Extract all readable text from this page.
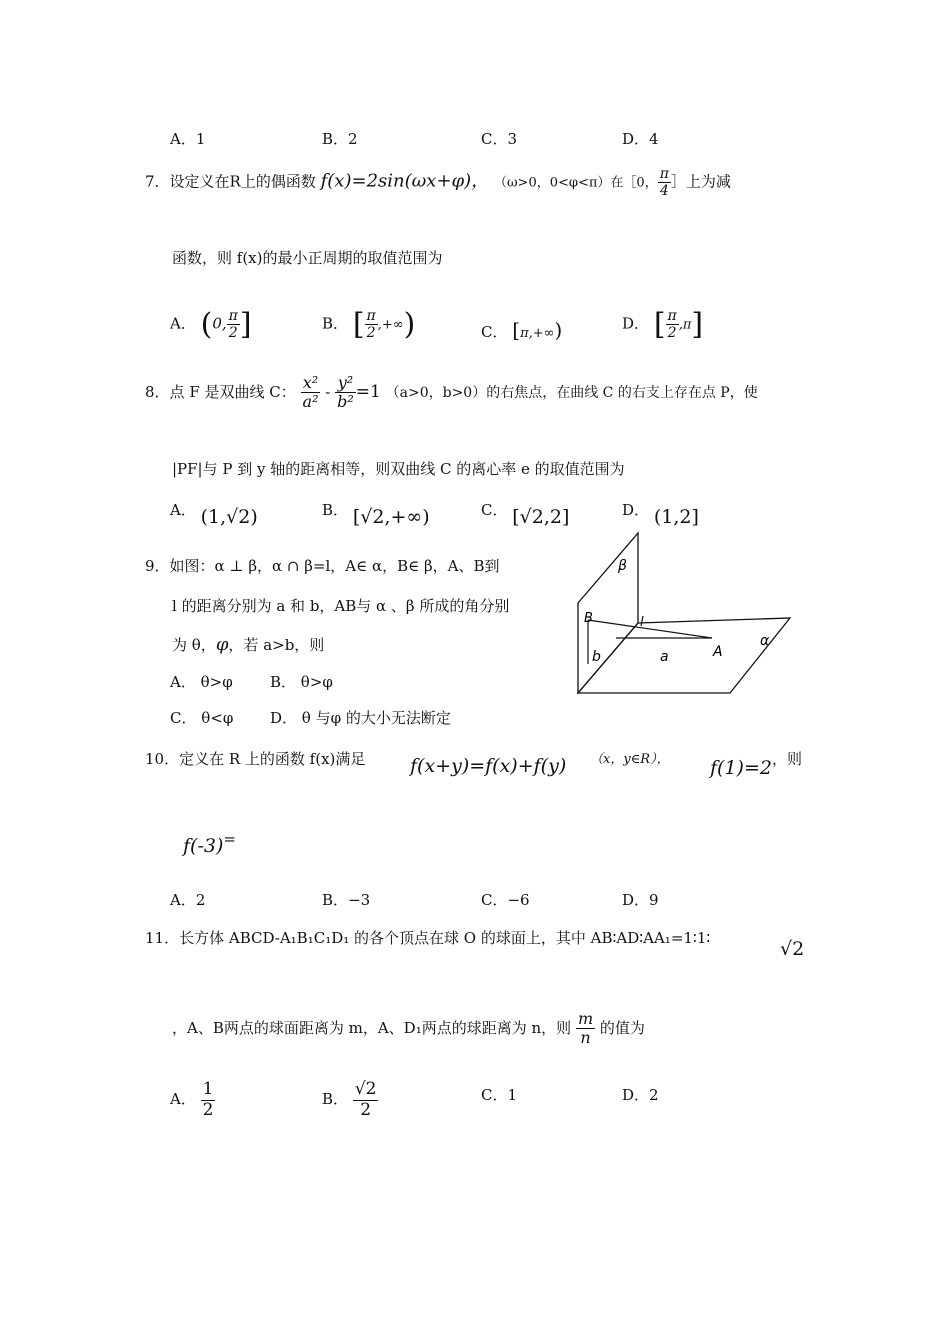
A．1	B．2	C．3	D．4
7．设定义在R上的偶函数 f(x)=2sin(ωx+φ)， （ω>0，0<φ<π）在［0， $\frac{\pi}{4}$ ］上为减
函数，则 f(x)的最小正周期的取值范围为
A． (0, $\frac{\pi}{2}$ ]	B． [ $\frac{\pi}{2}$ ,+∞)	C． [π,+∞)	D． [ $\frac{\pi}{2} ,\pi$]
8．点 F 是双曲线 C： $\frac{\text{x²}}{\text{a²}} - \frac{\text{y²}}{\text{b²}} =1$ （a>0，b>0）的右焦点，在曲线 C 的右支上存在点 P，使
|PF|与 P 到 y 轴的距离相等，则双曲线 C 的离心率 e 的取值范围为
A． (1,√2)	B． [√2,+∞)	C． [√2,2]	D． (1,2]
9．如图：α ⊥ β，α ∩ β=l，A∈ α，B∈ β，A、B到
l 的距离分别为 a 和 b，AB与 α 、β 所成的角分别
为 θ，φ，若 a>b，则
A． θ>φ B． θ>φ
C． θ<φ D． θ 与φ 的大小无法断定
β
B	l
α
b	a	A
10．定义在 R 上的函数 f(x)满足 f(x+y)=f(x)+f(y) （x，y∈R）， f(1)=2 ，则
f(-3)=
A．2	B．−3	C．−6	D．9
11．长方体 ABCD-A₁B₁C₁D₁ 的各个顶点在球 O 的球面上，其中 AB∶AD∶AA₁=1∶1∶	√2
，A、B两点的球面距离为 m，A、D₁两点的球距离为 n，则 $\frac{m}{n}$ 的值为
A． $\frac{1}{2}$	B． $\frac{√2}{2}$	C．1	D．2
